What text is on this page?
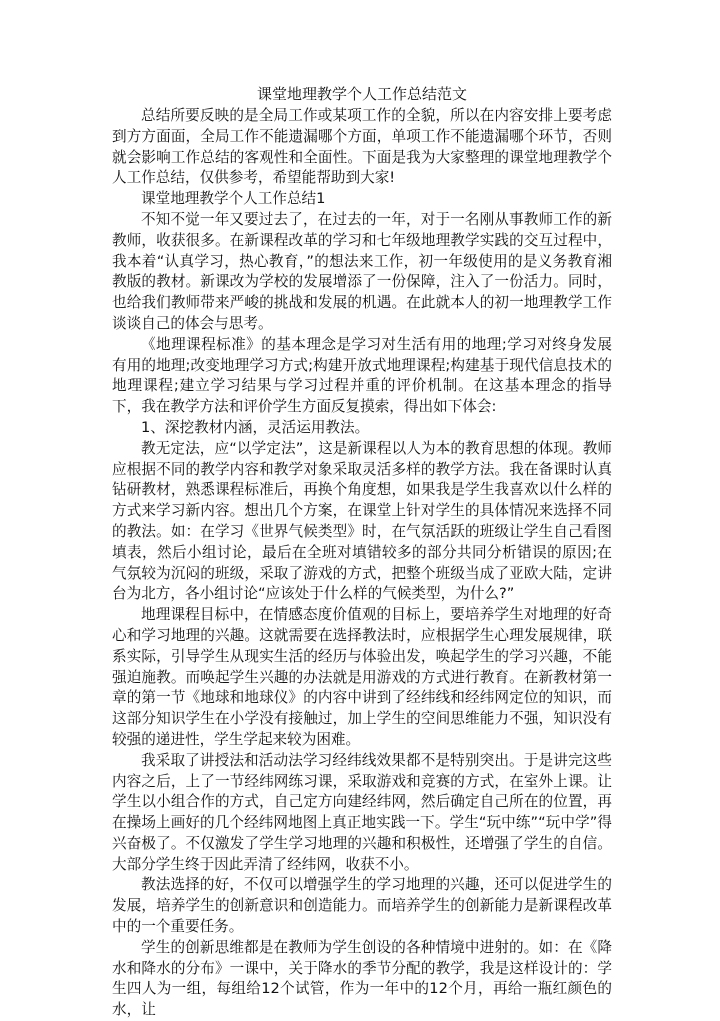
课堂地理教学个人工作总结范文

总结所要反映的是全局工作或某项工作的全貌，所以在内容安排上要考虑到方方面面，全局工作不能遗漏哪个方面，单项工作不能遗漏哪个环节，否则就会影响工作总结的客观性和全面性。下面是我为大家整理的课堂地理教学个人工作总结，仅供参考，希望能帮助到大家!

课堂地理教学个人工作总结1

不知不觉一年又要过去了，在过去的一年，对于一名刚从事教师工作的新教师，收获很多。在新课程改革的学习和七年级地理教学实践的交互过程中，我本着“认真学习，热心教育，”的想法来工作，初一年级使用的是义务教育湘教版的教材。新课改为学校的发展增添了一份保障，注入了一份活力。同时，也给我们教师带来严峻的挑战和发展的机遇。在此就本人的初一地理教学工作谈谈自己的体会与思考。

《地理课程标准》的基本理念是学习对生活有用的地理;学习对终身发展有用的地理;改变地理学习方式;构建开放式地理课程;构建基于现代信息技术的地理课程;建立学习结果与学习过程并重的评价机制。在这基本理念的指导下，我在教学方法和评价学生方面反复摸索，得出如下体会:

1、深挖教材内涵，灵活运用教法。

教无定法，应“以学定法”，这是新课程以人为本的教育思想的体现。教师应根据不同的教学内容和教学对象采取灵活多样的教学方法。我在备课时认真钻研教材，熟悉课程标准后，再换个角度想，如果我是学生我喜欢以什么样的方式来学习新内容。想出几个方案，在课堂上针对学生的具体情况来选择不同的教法。如：在学习《世界气候类型》时，在气氛活跃的班级让学生自己看图填表，然后小组讨论，最后在全班对填错较多的部分共同分析错误的原因;在气氛较为沉闷的班级，采取了游戏的方式，把整个班级当成了亚欧大陆，定讲台为北方，各小组讨论“应该处于什么样的气候类型，为什么?”

地理课程目标中，在情感态度价值观的目标上，要培养学生对地理的好奇心和学习地理的兴趣。这就需要在选择教法时，应根据学生心理发展规律，联系实际，引导学生从现实生活的经历与体验出发，唤起学生的学习兴趣，不能强迫施教。而唤起学生兴趣的办法就是用游戏的方式进行教育。在新教材第一章的第一节《地球和地球仪》的内容中讲到了经纬线和经纬网定位的知识，而这部分知识学生在小学没有接触过，加上学生的空间思维能力不强，知识没有较强的递进性，学生学起来较为困难。

我采取了讲授法和活动法学习经纬线效果都不是特别突出。于是讲完这些内容之后，上了一节经纬网练习课，采取游戏和竞赛的方式，在室外上课。让学生以小组合作的方式，自己定方向建经纬网，然后确定自己所在的位置，再在操场上画好的几个经纬网地图上真正地实践一下。学生“玩中练”“玩中学”得兴奋极了。不仅激发了学生学习地理的兴趣和积极性，还增强了学生的自信。大部分学生终于因此弄清了经纬网，收获不小。

教法选择的好，不仅可以增强学生的学习地理的兴趣，还可以促进学生的发展，培养学生的创新意识和创造能力。而培养学生的创新能力是新课程改革中的一个重要任务。

学生的创新思维都是在教师为学生创设的各种情境中进射的。如：在《降水和降水的分布》一课中，关于降水的季节分配的教学，我是这样设计的：学生四人为一组，每组给12个试管，作为一年中的12个月，再给一瓶红颜色的水，让
